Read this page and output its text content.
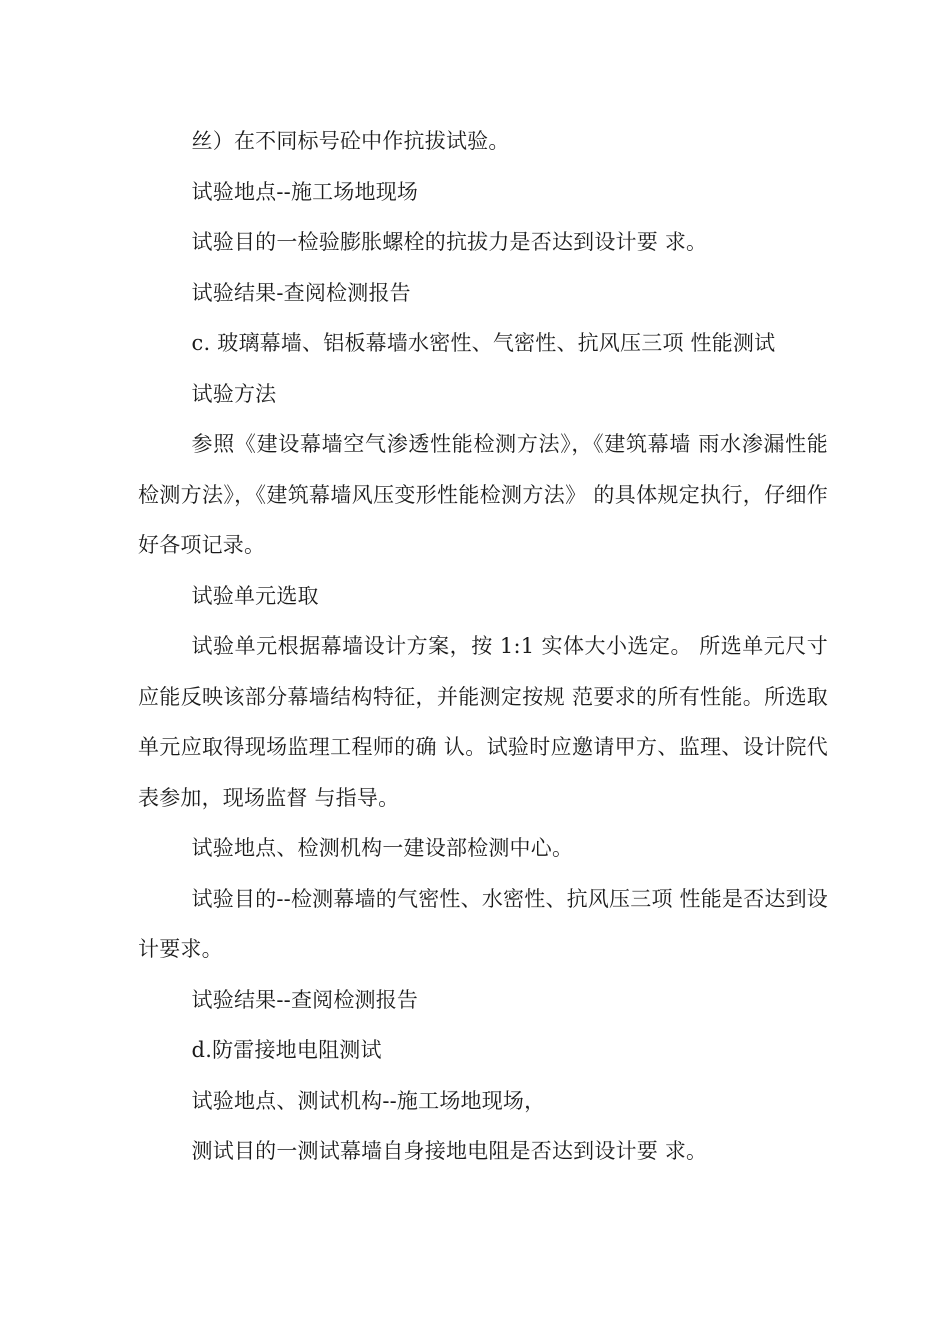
丝）在不同标号砼中作抗拔试验。

试验地点--施工场地现场

试验目的一检验膨胀螺栓的抗拔力是否达到设计要 求。

试验结果-查阅检测报告

c. 玻璃幕墙、铝板幕墙水密性、气密性、抗风压三项 性能测试

试验方法

参照《建设幕墙空气渗透性能检测方法》，《建筑幕墙 雨水渗漏性能检测方法》，《建筑幕墙风压变形性能检测方法》 的具体规定执行，仔细作好各项记录。

试验单元选取

试验单元根据幕墙设计方案，按 1:1 实体大小选定。 所选单元尺寸应能反映该部分幕墙结构特征，并能测定按规 范要求的所有性能。所选取单元应取得现场监理工程师的确 认。试验时应邀请甲方、监理、设计院代表参加，现场监督 与指导。

试验地点、检测机构一建设部检测中心。

试验目的--检测幕墙的气密性、水密性、抗风压三项 性能是否达到设计要求。

试验结果--查阅检测报告

d.防雷接地电阻测试

试验地点、测试机构--施工场地现场，

测试目的一测试幕墙自身接地电阻是否达到设计要 求。
